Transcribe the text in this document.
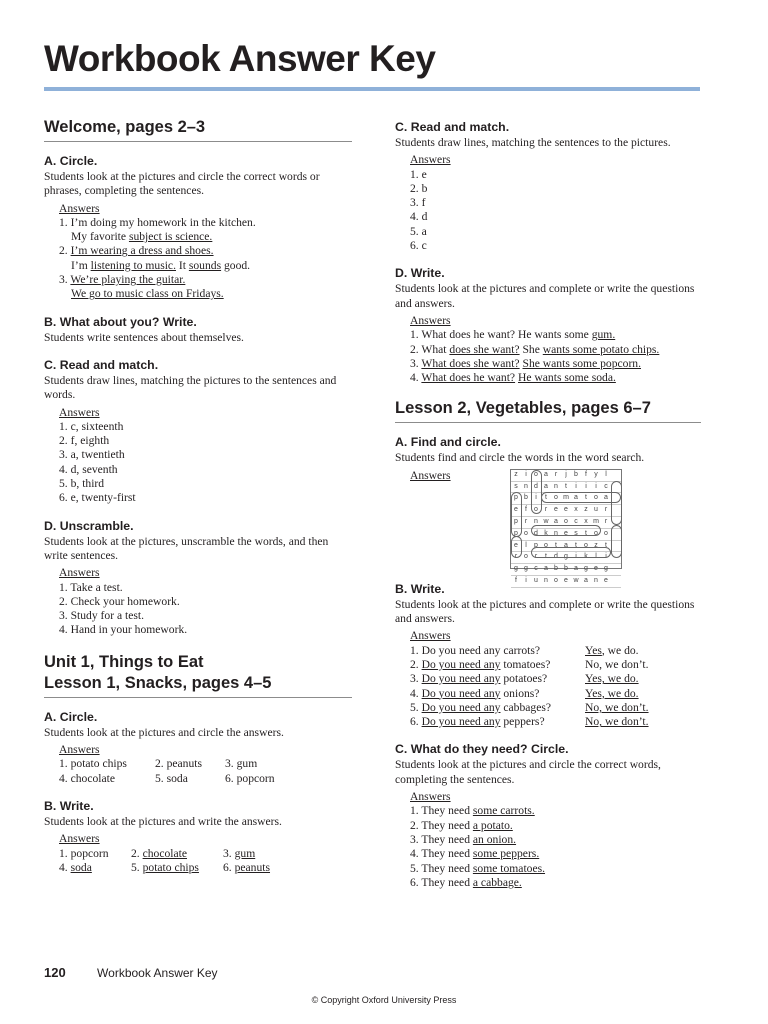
Workbook Answer Key
Welcome, pages 2–3
A. Circle.

Students look at the pictures and circle the correct words or phrases, completing the sentences.

Answers
1. I’m doing my homework in the kitchen.
My favorite subject is science.
2. I’m wearing a dress and shoes.
I’m listening to music. It sounds good.
3. We’re playing the guitar.
We go to music class on Fridays.
B. What about you? Write.

Students write sentences about themselves.

C. Read and match.

Students draw lines, matching the pictures to the sentences and words.

Answers
1. c, sixteenth
2. f, eighth
3. a, twentieth
4. d, seventh
5. b, third
6. e, twenty-first
D. Unscramble.

Students look at the pictures, unscramble the words, and then write sentences.

Answers
1. Take a test.
2. Check your homework.
3. Study for a test.
4. Hand in your homework.
Unit 1, Things to Eat
Lesson 1, Snacks, pages 4–5
A. Circle.

Students look at the pictures and circle the answers.

Answers
1. potato chips	2. peanuts	3. gum
4. chocolate	5. soda	6. popcorn
B. Write.

Students look at the pictures and write the answers.

Answers
1. popcorn	2. chocolate	3. gum
4. soda	5. potato chips	6. peanuts
C. Read and match.

Students draw lines, matching the sentences to the pictures.

Answers
1. e
2. b
3. f
4. d
5. a
6. c
D. Write.

Students look at the pictures and complete or write the questions and answers.

Answers
1. What does he want? He wants some gum.
2. What does she want? She wants some potato chips.
3. What does she want? She wants some popcorn.
4. What does he want? He wants some soda.
Lesson 2, Vegetables, pages 6–7
A. Find and circle.

Students find and circle the words in the word search.

Answers	z	i	o a r	j	b	f	y	l
s n d a n	t	i	i	i	c
p b	i	t	o m a	t	o a
e	f	o r e e x z u r
p r n w a o c x m r
p o d k n e s	t	o o
e	l	p o	t	a	t	o z	t
r o r	t	d g	i	k	l	i
g g c a b b a g e g
f	i	u n o e w a n e
B. Write.

Students look at the pictures and complete or write the questions and answers.

Answers
1. Do you need any carrots?	Yes, we do.
2. Do you need any tomatoes?	No, we don’t.
3. Do you need any potatoes?	Yes, we do.
4. Do you need any onions?	Yes, we do.
5. Do you need any cabbages?	No, we don’t.
6. Do you need any peppers?	No, we don’t.
C. What do they need? Circle.

Students look at the pictures and circle the correct words, completing the sentences.

Answers
1. They need some carrots.
2. They need a potato.
3. They need an onion.
4. They need some peppers.
5. They need some tomatoes.
6. They need a cabbage.
120	Workbook Answer Key
© Copyright Oxford University Press
